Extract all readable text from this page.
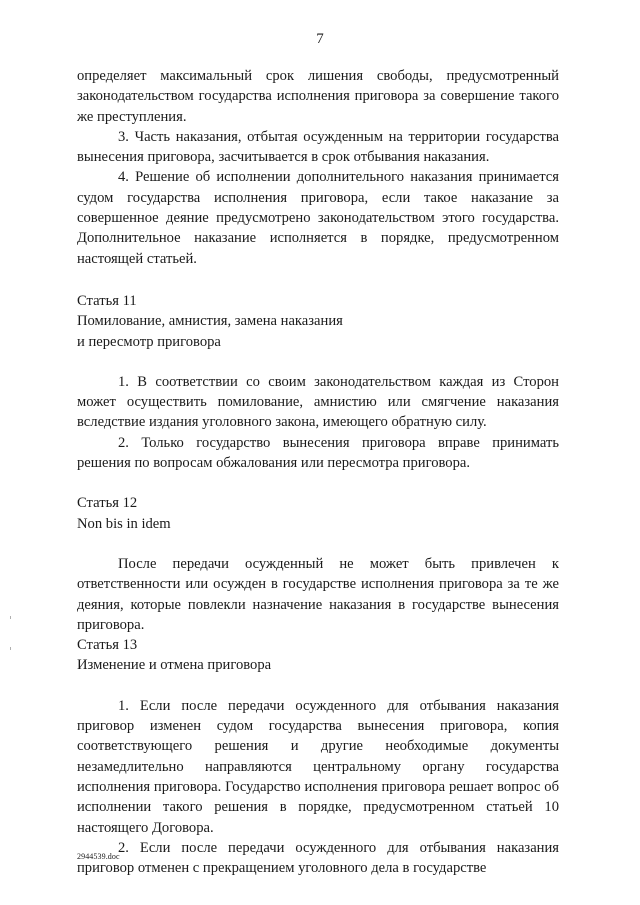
7

определяет максимальный срок лишения свободы, предусмотренный законодательством государства исполнения приговора за совершение такого же преступления.

3. Часть наказания, отбытая осужденным на территории государства вынесения приговора, засчитывается в срок отбывания наказания.

4. Решение об исполнении дополнительного наказания принимается судом государства исполнения приговора, если такое наказание за совершенное деяние предусмотрено законодательством этого государства. Дополнительное наказание исполняется в порядке, предусмотренном настоящей статьей.

Статья 11

Помилование, амнистия, замена наказания

и пересмотр приговора

1. В соответствии со своим законодательством каждая из Сторон может осуществить помилование, амнистию или смягчение наказания вследствие издания уголовного закона, имеющего обратную силу.

2. Только государство вынесения приговора вправе принимать решения по вопросам обжалования или пересмотра приговора.

Статья 12

Non bis in idem

После передачи осужденный не может быть привлечен к ответственности или осужден в государстве исполнения приговора за те же деяния, которые повлекли назначение наказания в государстве вынесения приговора.

Статья 13

Изменение и отмена приговора

1. Если после передачи осужденного для отбывания наказания приговор изменен судом государства вынесения приговора, копия соответствующего решения и другие необходимые документы незамедлительно направляются центральному органу государства исполнения приговора. Государство исполнения приговора решает вопрос об исполнении такого решения в порядке, предусмотренном статьей 10 настоящего Договора.

2. Если после передачи осужденного для отбывания наказания приговор отменен с прекращением уголовного дела в государстве

2944539.doc
